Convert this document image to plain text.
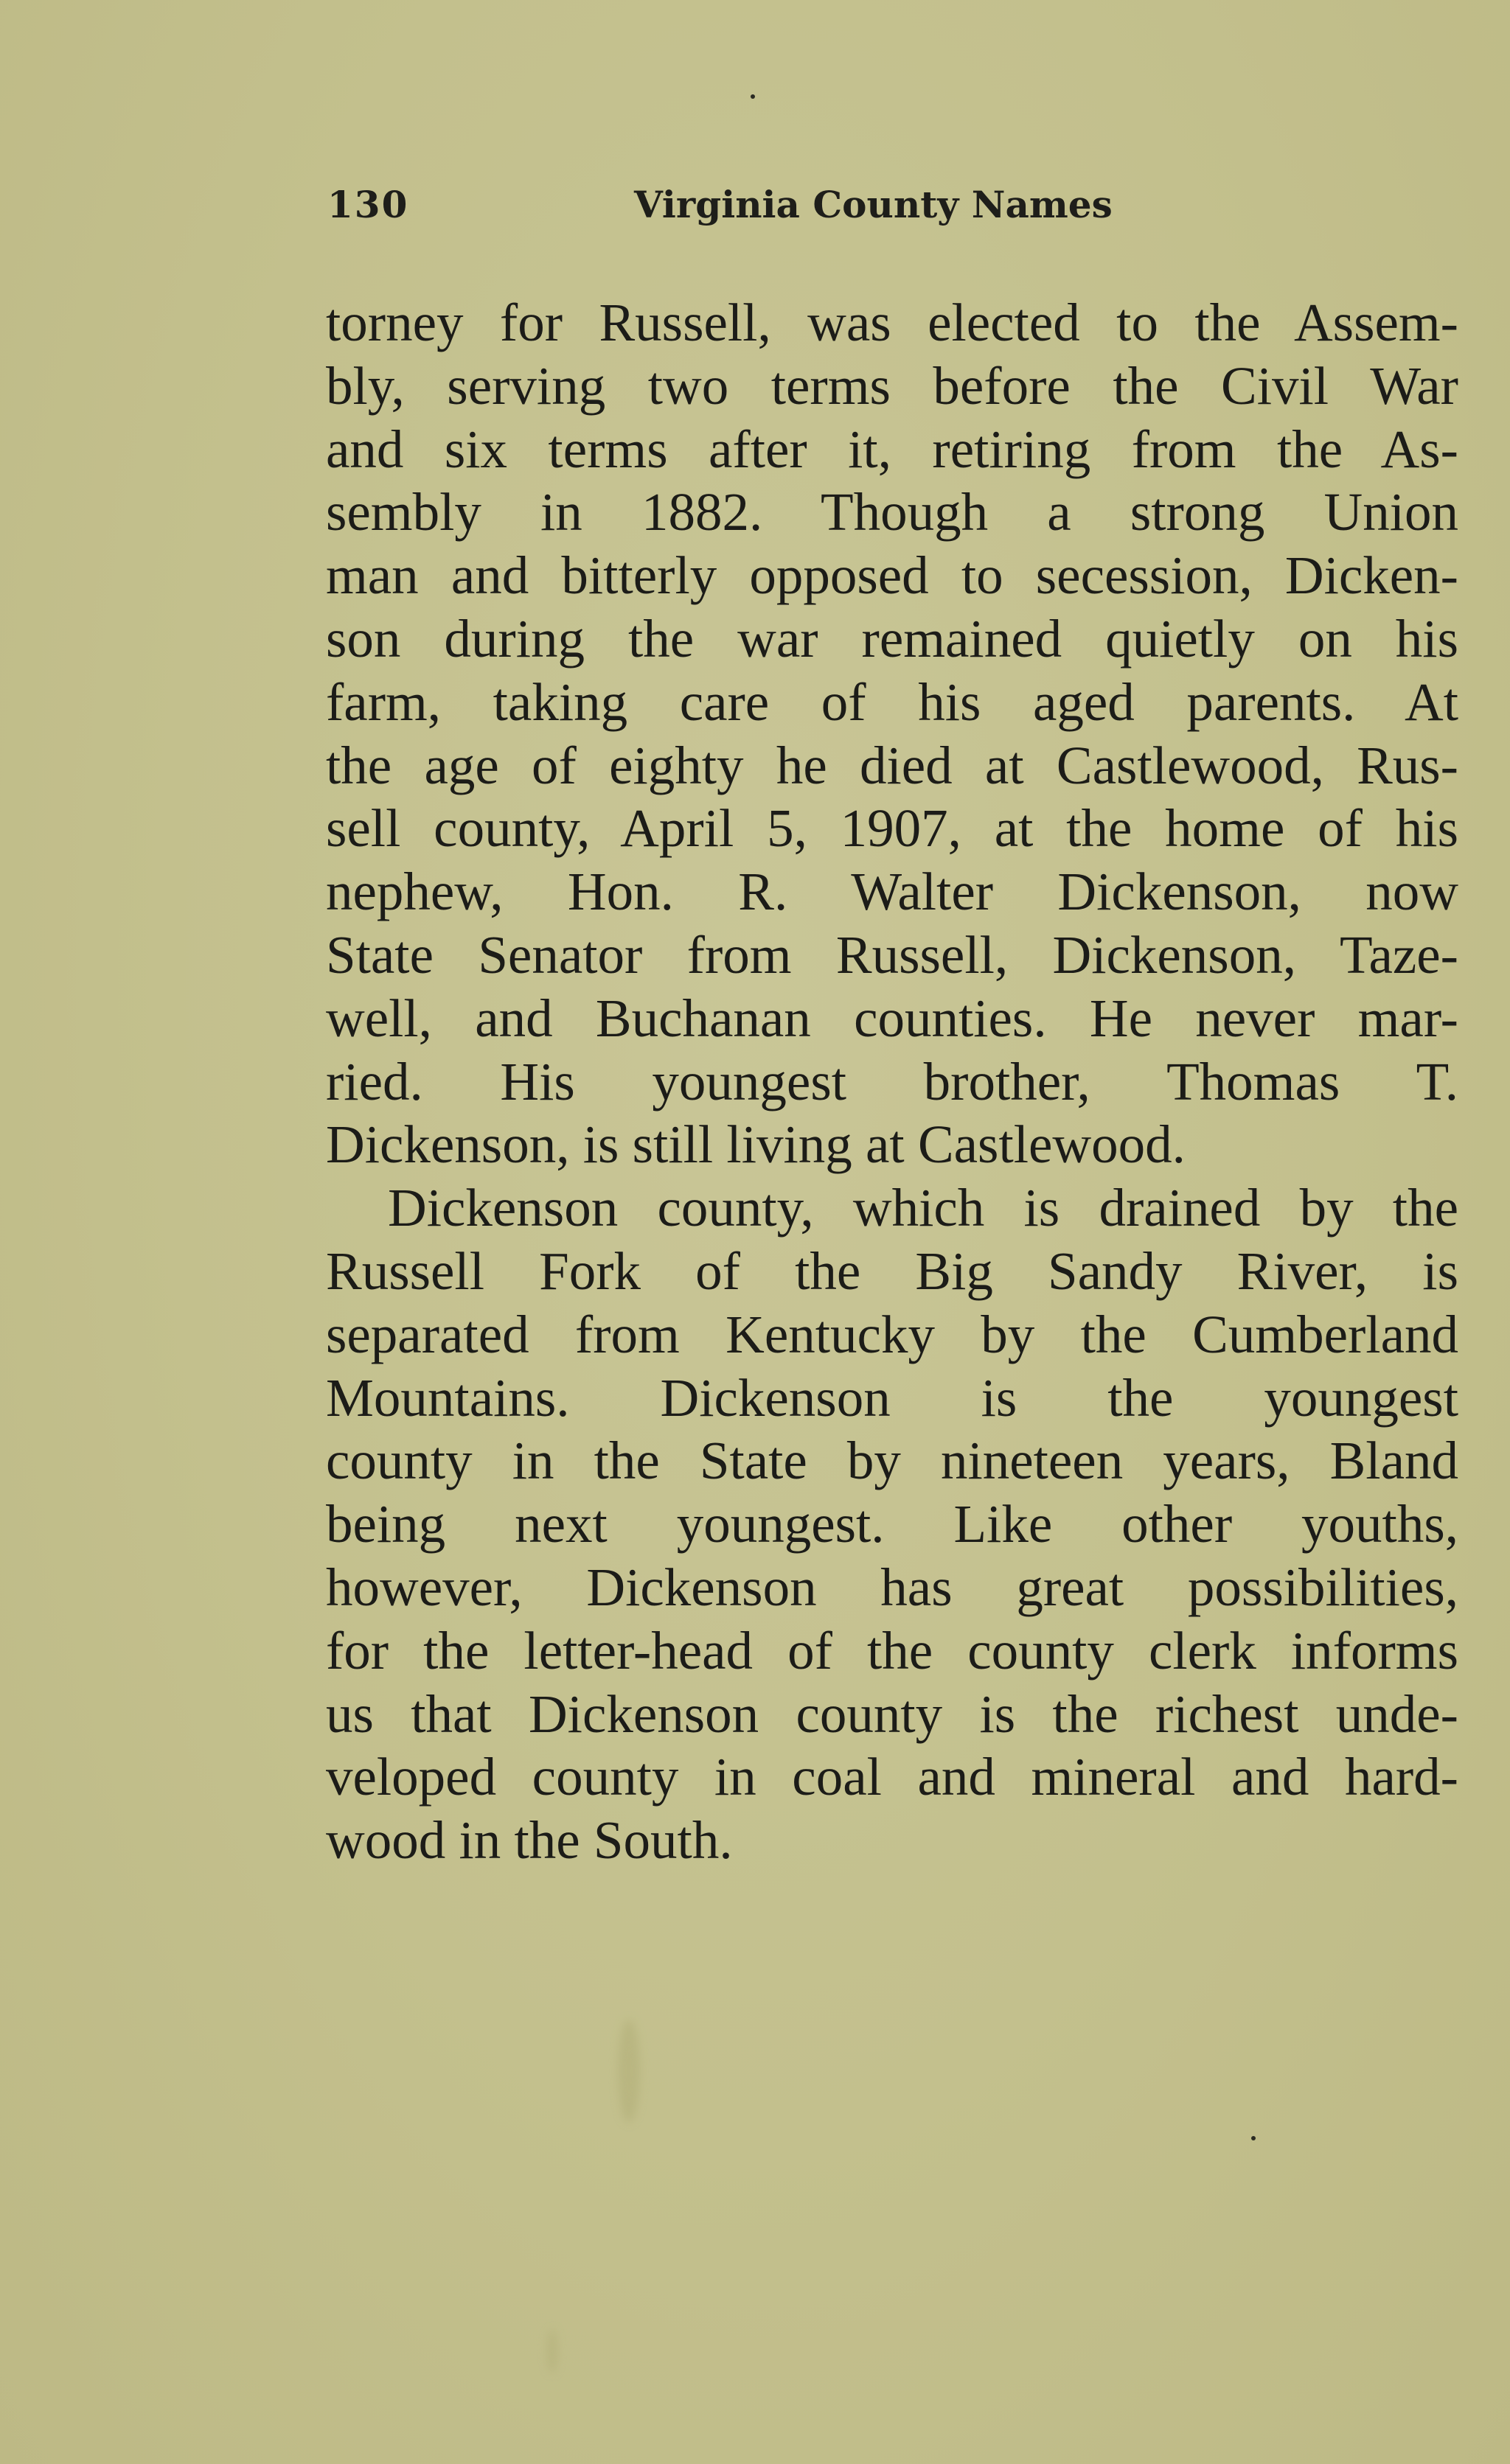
130	Virginia County Names
torney for Russell, was elected to the Assem-
bly, serving two terms before the Civil War
and six terms after it, retiring from the As-
sembly in 1882. Though a strong Union
man and bitterly opposed to secession, Dicken-
son during the war remained quietly on his
farm, taking care of his aged parents. At
the age of eighty he died at Castlewood, Rus-
sell county, April 5, 1907, at the home of his
nephew, Hon. R. Walter Dickenson, now
State Senator from Russell, Dickenson, Taze-
well, and Buchanan counties. He never mar-
ried. His youngest brother, Thomas T.
Dickenson, is still living at Castlewood.
Dickenson county, which is drained by the
Russell Fork of the Big Sandy River, is
separated from Kentucky by the Cumberland
Mountains. Dickenson is the youngest
county in the State by nineteen years, Bland
being next youngest. Like other youths,
however, Dickenson has great possibilities,
for the letter-head of the county clerk informs
us that Dickenson county is the richest unde-
veloped county in coal and mineral and hard-
wood in the South.
